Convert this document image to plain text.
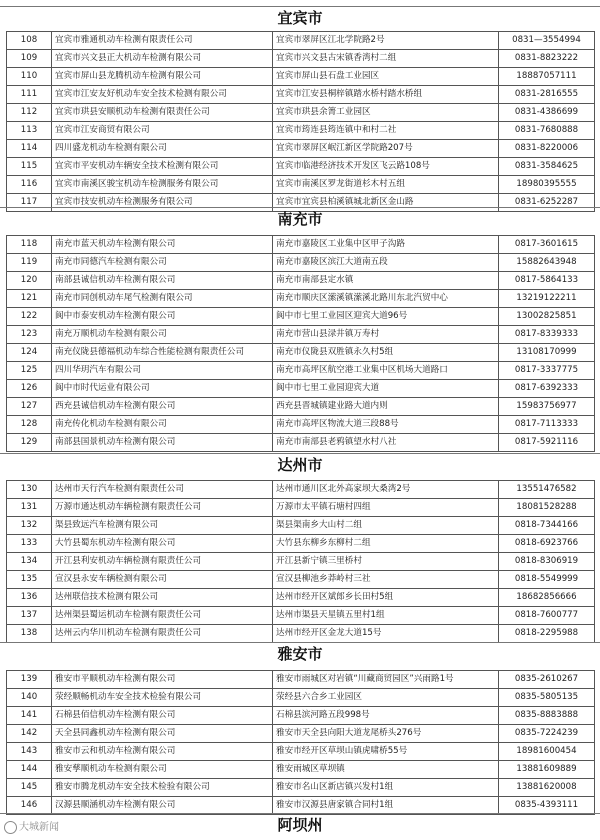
宜宾市
108	宜宾市雅通机动车检测有限责任公司	宜宾市翠屏区江北学院路2号	0831—3554994
109	宜宾市兴文县正大机动车检测有限公司	宜宾市兴文县古宋镇香湾村二组	0831-8823222
110	宜宾市屏山县龙腾机动车检测有限公司	宜宾市屏山县石盘工业园区	18887057111
111	宜宾市江安友好机动车安全技术检测有限公司	宜宾市江安县桐梓镇踏水桥村踏水桥组	0831-2816555
112	宜宾市珙县安顺机动车检测有限责任公司	宜宾市珙县余箐工业园区	0831-4386699
113	宜宾市江安商贸有限公司	宜宾市筠连县筠连镇中和村二社	0831-7680888
114	四川盛龙机动车检测有限公司	宜宾市翠屏区岷江新区学院路207号	0831-8220006
115	宜宾市平安机动车辆安全技术检测有限公司	宜宾市临港经济技术开发区飞云路108号	0831-3584625
116	宜宾市南溪区骏宝机动车检测服务有限公司	宜宾市南溪区罗龙街道杉木村五组	18980395555
117	宜宾市技安机动车检测服务有限公司	宜宾市宜宾县柏溪镇城北新区金山路	0831-6252287
南充市
118	南充市蓝天机动车检测有限公司	南充市嘉陵区工业集中区甲子沟路	0817-3601615
119	南充市同德汽车检测有限公司	南充市嘉陵区滨江大道南五段	15882643948
120	南部县诚信机动车检测有限公司	南充市南部县定水镇	0817-5864133
121	南充市同创机动车尾气检测有限公司	南充市顺庆区潆溪镇潆溪北路川东北汽贸中心	13219122211
122	阆中市泰安机动车检测有限公司	阆中市七里工业园区迎宾大道96号	13002825851
123	南充万顺机动车检测有限公司	南充市营山县渌井镇万寿村	0817-8339333
124	南充仪陇县德福机动车综合性能检测有限责任公司	南充市仪陇县双胜镇永久村5组	13108170999
125	四川华玥汽车有限公司	南充市高坪区航空港工业集中区机场大道路口	0817-3337775
126	阆中市时代运业有限公司	阆中市七里工业园迎宾大道	0817-6392333
127	西充县诚信机动车检测有限公司	西充县晋城镇建业路大道内则	15983756977
128	南充传化机动车检测有限公司	南充市高坪区物流大道三段88号	0817-7113333
129	南部县国景机动车检测有限公司	南充市南部县老鸦镇望水村八社	0817-5921116
达州市
130	达州市天行汽车检测有限责任公司	达州市通川区北外高家坝大桑湾2号	13551476582
131	万源市通达机动车辆检测有限责任公司	万源市太平镇石塘村四组	18081528288
132	渠县致远汽车检测有限公司	渠县渠南乡大山村二组	0818-7344166
133	大竹县蜀东机动车检测有限公司	大竹县东柳乡东柳村二组	0818-6923766
134	开江县利安机动车辆检测有限责任公司	开江县新宁镇三里桥村	0818-8306919
135	宣汉县永安车辆检测有限公司	宣汉县柳池乡莽岭村三社	0818-5549999
136	达州联信技术检测有限公司	达州市经开区斌郎乡长田村5组	18682856666
137	达州渠县蜀运机动车检测有限责任公司	达州市渠县天星镇五里村1组	0818-7600777
138	达州云内华川机动车检测有限责任公司	达州市经开区金龙大道15号	0818-2295988
雅安市
139	雅安市平顺机动车检测有限公司	雅安市雨城区对岩镇“川藏商贸园区”兴雨路1号	0835-2610267
140	荥经顺畅机动车安全技术检验有限公司	荥经县六合乡工业园区	0835-5805135
141	石棉县佰信机动车检测有限公司	石棉县滨河路五段998号	0835-8883888
142	天全县同鑫机动车检测有限公司	雅安市天全县向阳大道龙尾桥头276号	0835-7224239
143	雅安市云和机动车检测有限公司	雅安市经开区草坝山镇虎啸桥55号	18981600454
144	雅安孳顺机动车检测有限公司	雅安雨城区草坝镇	13881609889
145	雅安市腾龙机动车安全技术检验有限公司	雅安市名山区新店镇兴发村1组	13881620008
146	汉源县顺涵机动车检测有限公司	雅安市汉源县唐家镇合同村1组	0835-4393111
阿坝州
大城新闻
